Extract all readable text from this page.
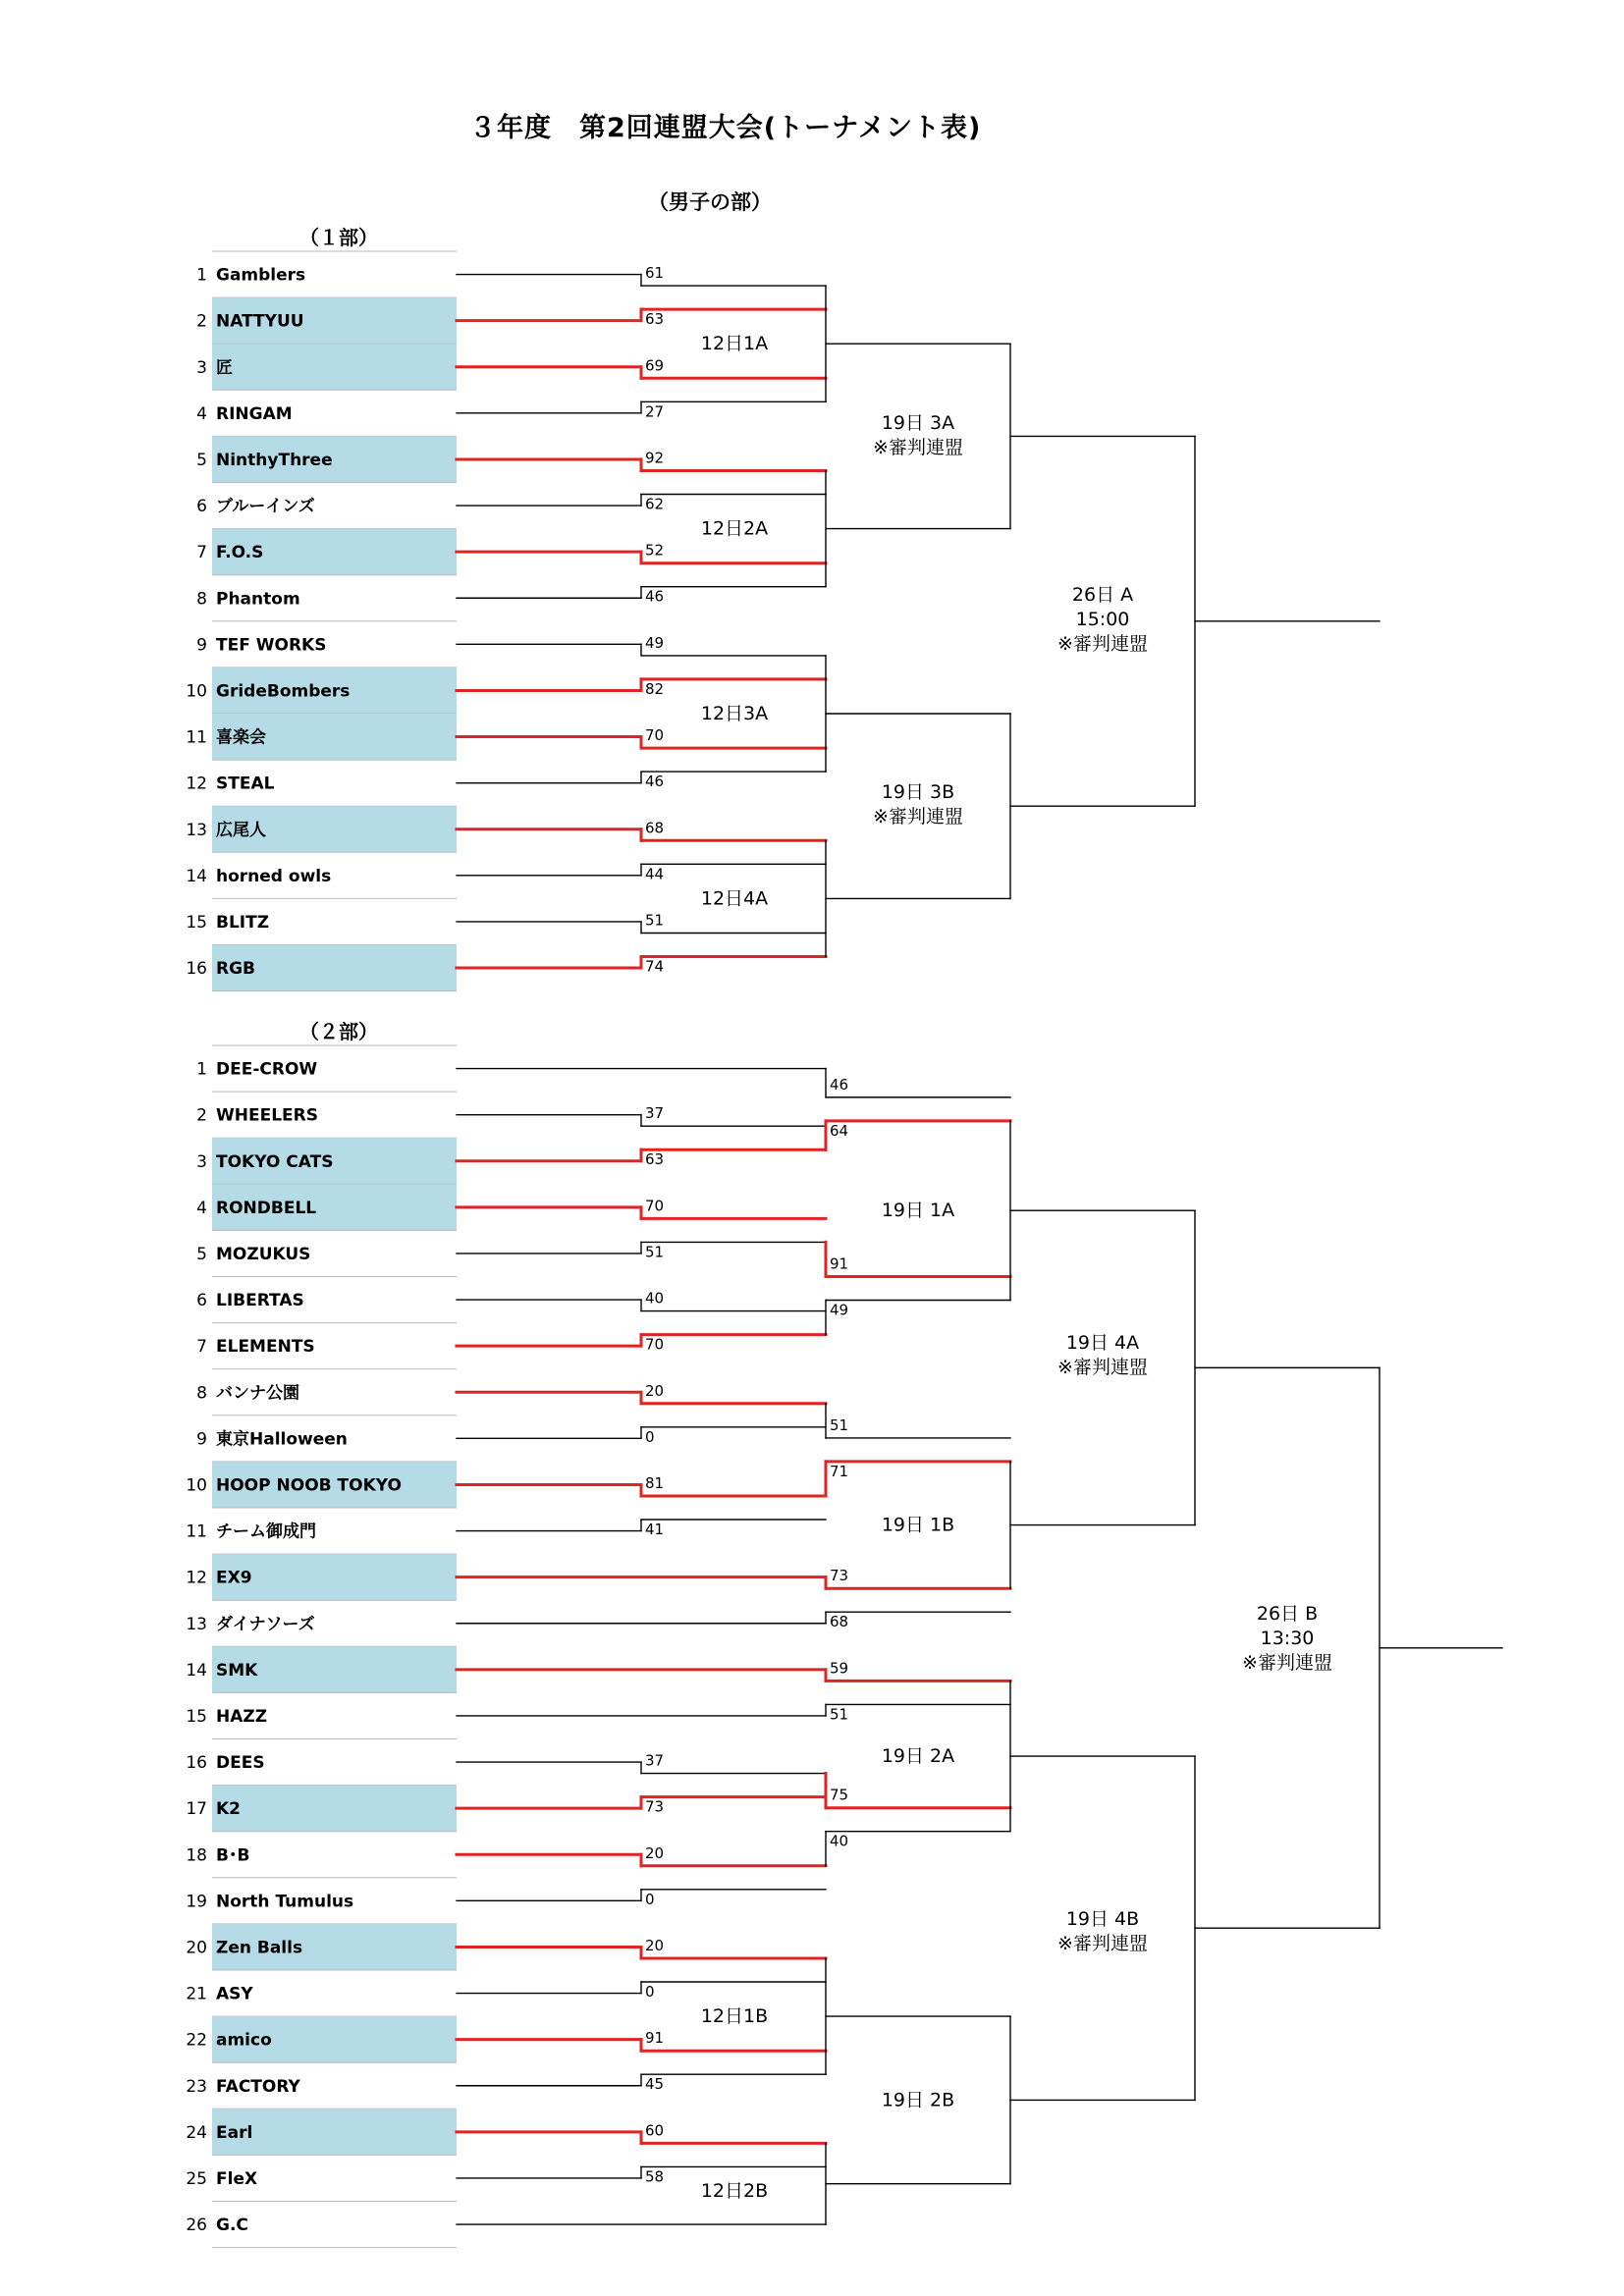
３年度　第2回連盟大会(トーナメント表)
（男子の部）
（１部）
（２部）
1 Gamblers
2 NATTYUU
3 匠
4 RINGAM
5 NinthyThree
6 ブルーインズ
7 F.O.S
8 Phantom
9 TEF WORKS
10 GrideBombers
11 喜楽会
12 STEAL
13 広尾人
14 horned owls
15 BLITZ
16 RGB
61
63
69
27
92
62
52
46
49
82
70
46
68
44
51
74
12日1A
12日2A
12日3A
12日4A
19日 3A
※審判連盟
19日 3B
※審判連盟
26日 A
15:00
※審判連盟
1 DEE-CROW
2 WHEELERS
3 TOKYO CATS
4 RONDBELL
5 MOZUKUS
6 LIBERTAS
7 ELEMENTS
8 バンナ公園
9 東京Halloween
10 HOOP NOOB TOKYO
11 チーム御成門
12 EX9
13 ダイナソーズ
14 SMK
15 HAZZ
16 DEES
17 K2
18 B･B
19 North Tumulus
20 Zen Balls
21 ASY
22 amico
23 FACTORY
24 Earl
25 FleX
26 G.C
37
63
70
51
40
70
20
0
81
41
46
64
91
49
51
71
73
68
19日 1A
19日 1B
19日 4A
※審判連盟
59
51
37
73
20
0
75
40
19日 2A
20
0
91
45
60
58
12日1B
12日2B
19日 2B
19日 4B
※審判連盟
26日 B
13:30
※審判連盟
